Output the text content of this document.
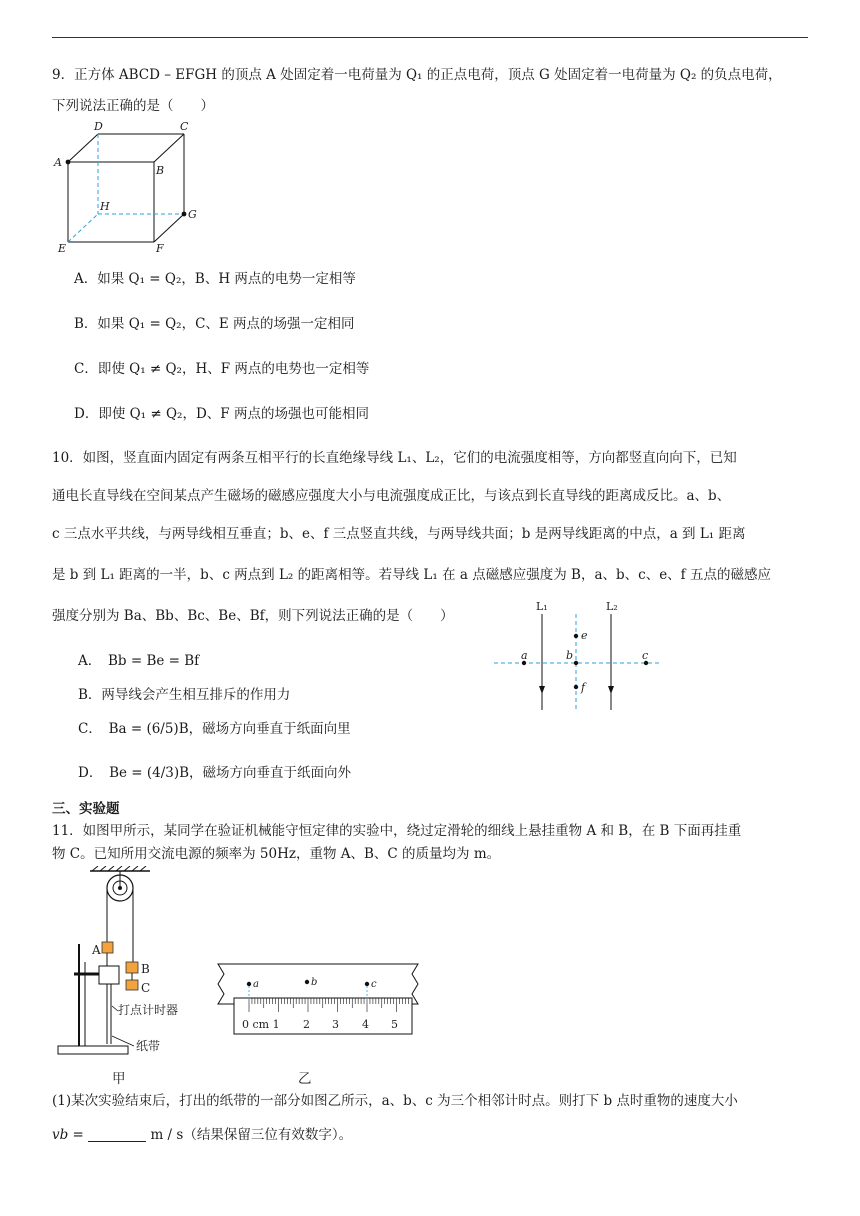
9．正方体 ABCD – EFGH 的顶点 A 处固定着一电荷量为 Q₁ 的正点电荷，顶点 G 处固定着一电荷量为 Q₂ 的负点电荷，
下列说法正确的是（　　）
D	C
A
B
H
G
E	F
A．如果 Q₁ = Q₂，B、H 两点的电势一定相等
B．如果 Q₁ = Q₂，C、E 两点的场强一定相同
C．即使 Q₁ ≠ Q₂，H、F 两点的电势也一定相等
D．即使 Q₁ ≠ Q₂，D、F 两点的场强也可能相同
10．如图，竖直面内固定有两条互相平行的长直绝缘导线 L₁、L₂，它们的电流强度相等，方向都竖直向向下，已知
通电长直导线在空间某点产生磁场的磁感应强度大小与电流强度成正比，与该点到长直导线的距离成反比。a、b、
c 三点水平共线，与两导线相互垂直；b、e、f 三点竖直共线，与两导线共面；b 是两导线距离的中点，a 到 L₁ 距离
是 b 到 L₁ 距离的一半，b、c 两点到 L₂ 的距离相等。若导线 L₁ 在 a 点磁感应强度为 B，a、b、c、e、f 五点的磁感应
强度分别为 Ba、Bb、Bc、Be、Bf，则下列说法正确的是（　　）
L₁	L₂
e
a	b	c
f
A．　Bb = Be = Bf
B．两导线会产生相互排斥的作用力
C．　Ba = (6/5)B，磁场方向垂直于纸面向里
D．　Be = (4/3)B，磁场方向垂直于纸面向外
三、实验题
11．如图甲所示，某同学在验证机械能守恒定律的实验中，绕过定滑轮的细线上悬挂重物 A 和 B，在 B 下面再挂重
物 C。已知所用交流电源的频率为 50Hz，重物 A、B、C 的质量均为 m。
A
B
C
打点计时器
纸带
a	b	c
0 cm 1 2 3 4 5
甲	乙
(1)某次实验结束后，打出的纸带的一部分如图乙所示，a、b、c 为三个相邻计时点。则打下 b 点时重物的速度大小
vb =	m / s（结果保留三位有效数字）。
